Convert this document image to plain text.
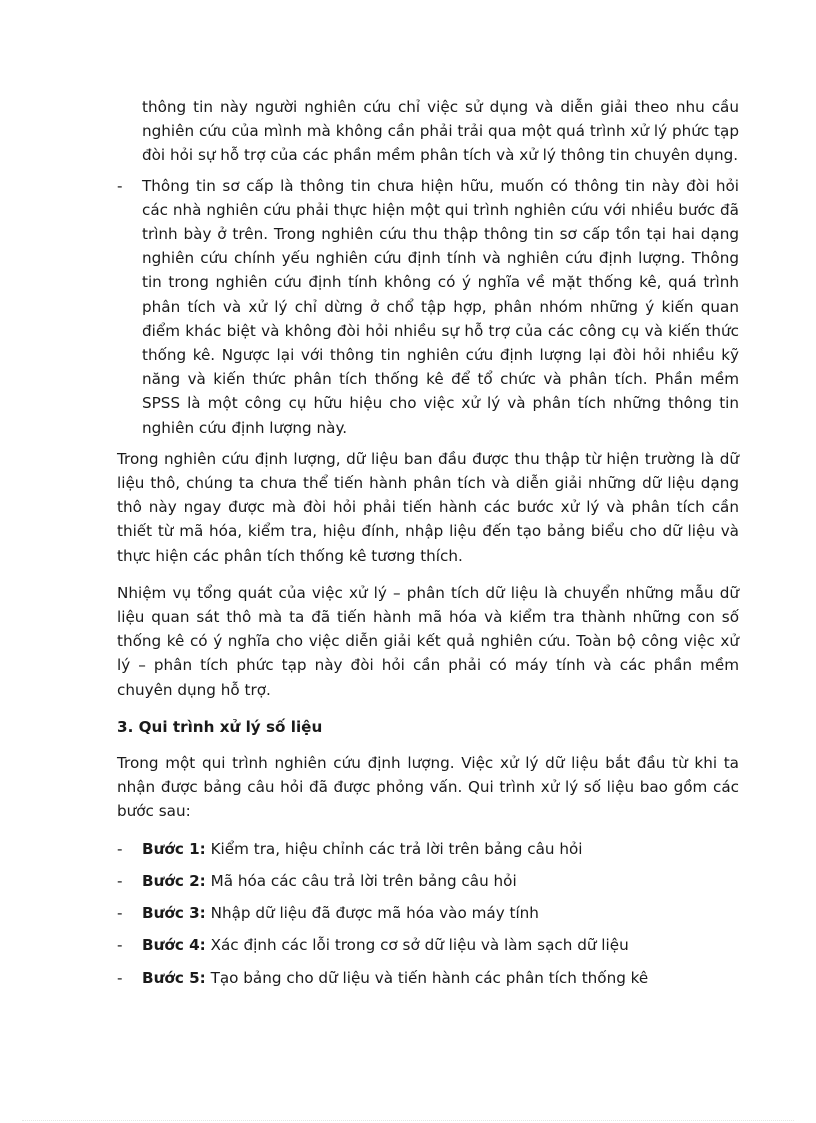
thông tin này người nghiên cứu chỉ việc sử dụng và diễn giải theo nhu cầu nghiên cứu của mình mà không cần phải trải qua một quá trình xử lý phức tạp đòi hỏi sự hỗ trợ của các phần mềm phân tích và xử lý thông tin chuyên dụng.

- Thông tin sơ cấp là thông tin chưa hiện hữu, muốn có thông tin này đòi hỏi các nhà nghiên cứu phải thực hiện một qui trình nghiên cứu với nhiều bước đã trình bày ở trên. Trong nghiên cứu thu thập thông tin sơ cấp tồn tại hai dạng nghiên cứu chính yếu nghiên cứu định tính và nghiên cứu định lượng. Thông tin trong nghiên cứu định tính không có ý nghĩa về mặt thống kê, quá trình phân tích và xử lý chỉ dừng ở chổ tập hợp, phân nhóm những ý kiến quan điểm khác biệt và không đòi hỏi nhiều sự hỗ trợ của các công cụ và kiến thức thống kê. Ngược lại với thông tin nghiên cứu định lượng lại đòi hỏi nhiều kỹ năng và kiến thức phân tích thống kê để tổ chức và phân tích. Phần mềm SPSS là một công cụ hữu hiệu cho việc xử lý và phân tích những thông tin nghiên cứu định lượng này.

Trong nghiên cứu định lượng, dữ liệu ban đầu được thu thập từ hiện trường là dữ liệu thô, chúng ta chưa thể tiến hành phân tích và diễn giải những dữ liệu dạng thô này ngay được mà đòi hỏi phải tiến hành các bước xử lý và phân tích cần thiết từ mã hóa, kiểm tra, hiệu đính, nhập liệu đến tạo bảng biểu cho dữ liệu và thực hiện các phân tích thống kê tương thích.

Nhiệm vụ tổng quát của việc xử lý – phân tích dữ liệu là chuyển những mẫu dữ liệu quan sát thô mà ta đã tiến hành mã hóa và kiểm tra thành những con số thống kê có ý nghĩa cho việc diễn giải kết quả nghiên cứu. Toàn bộ công việc xử lý – phân tích phức tạp này đòi hỏi cần phải có máy tính và các phần mềm chuyên dụng hỗ trợ.

3. Qui trình xử lý số liệu

Trong một qui trình nghiên cứu định lượng. Việc xử lý dữ liệu bắt đầu từ khi ta nhận được bảng câu hỏi đã được phỏng vấn. Qui trình xử lý số liệu bao gồm các bước sau:

- Bước 1: Kiểm tra, hiệu chỉnh các trả lời trên bảng câu hỏi
- Bước 2: Mã hóa các câu trả lời trên bảng câu hỏi
- Bước 3: Nhập dữ liệu đã được mã hóa vào máy tính
- Bước 4: Xác định các lỗi trong cơ sở dữ liệu và làm sạch dữ liệu
- Bước 5: Tạo bảng cho dữ liệu và tiến hành các phân tích thống kê
